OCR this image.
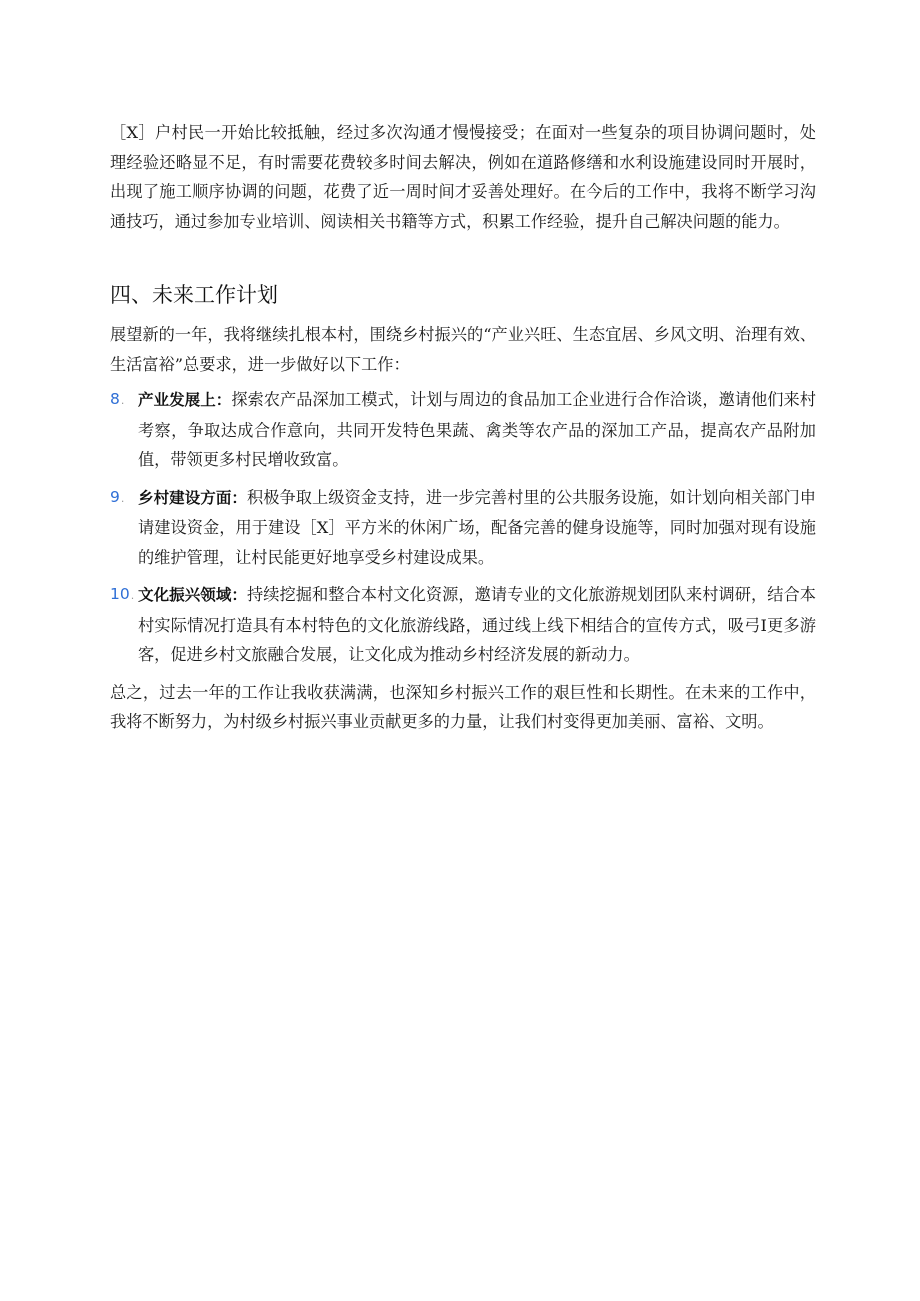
［X］户村民一开始比较抵触，经过多次沟通才慢慢接受；在面对一些复杂的项目协调问题时，处理经验还略显不足，有时需要花费较多时间去解决，例如在道路修缮和水利设施建设同时开展时，出现了施工顺序协调的问题，花费了近一周时间才妥善处理好。在今后的工作中，我将不断学习沟通技巧，通过参加专业培训、阅读相关书籍等方式，积累工作经验，提升自己解决问题的能力。

四、未来工作计划

展望新的一年，我将继续扎根本村，围绕乡村振兴的“产业兴旺、生态宜居、乡风文明、治理有效、生活富裕”总要求，进一步做好以下工作：

8. 产业发展上：探索农产品深加工模式，计划与周边的食品加工企业进行合作洽谈，邀请他们来村考察，争取达成合作意向，共同开发特色果蔬、禽类等农产品的深加工产品，提高农产品附加值，带领更多村民增收致富。

9. 乡村建设方面：积极争取上级资金支持，进一步完善村里的公共服务设施，如计划向相关部门申请建设资金，用于建设［X］平方米的休闲广场，配备完善的健身设施等，同时加强对现有设施的维护管理，让村民能更好地享受乡村建设成果。

10. 文化振兴领域：持续挖掘和整合本村文化资源，邀请专业的文化旅游规划团队来村调研，结合本村实际情况打造具有本村特色的文化旅游线路，通过线上线下相结合的宣传方式，吸弓I更多游客，促进乡村文旅融合发展，让文化成为推动乡村经济发展的新动力。

总之，过去一年的工作让我收获满满，也深知乡村振兴工作的艰巨性和长期性。在未来的工作中，我将不断努力，为村级乡村振兴事业贡献更多的力量，让我们村变得更加美丽、富裕、文明。
